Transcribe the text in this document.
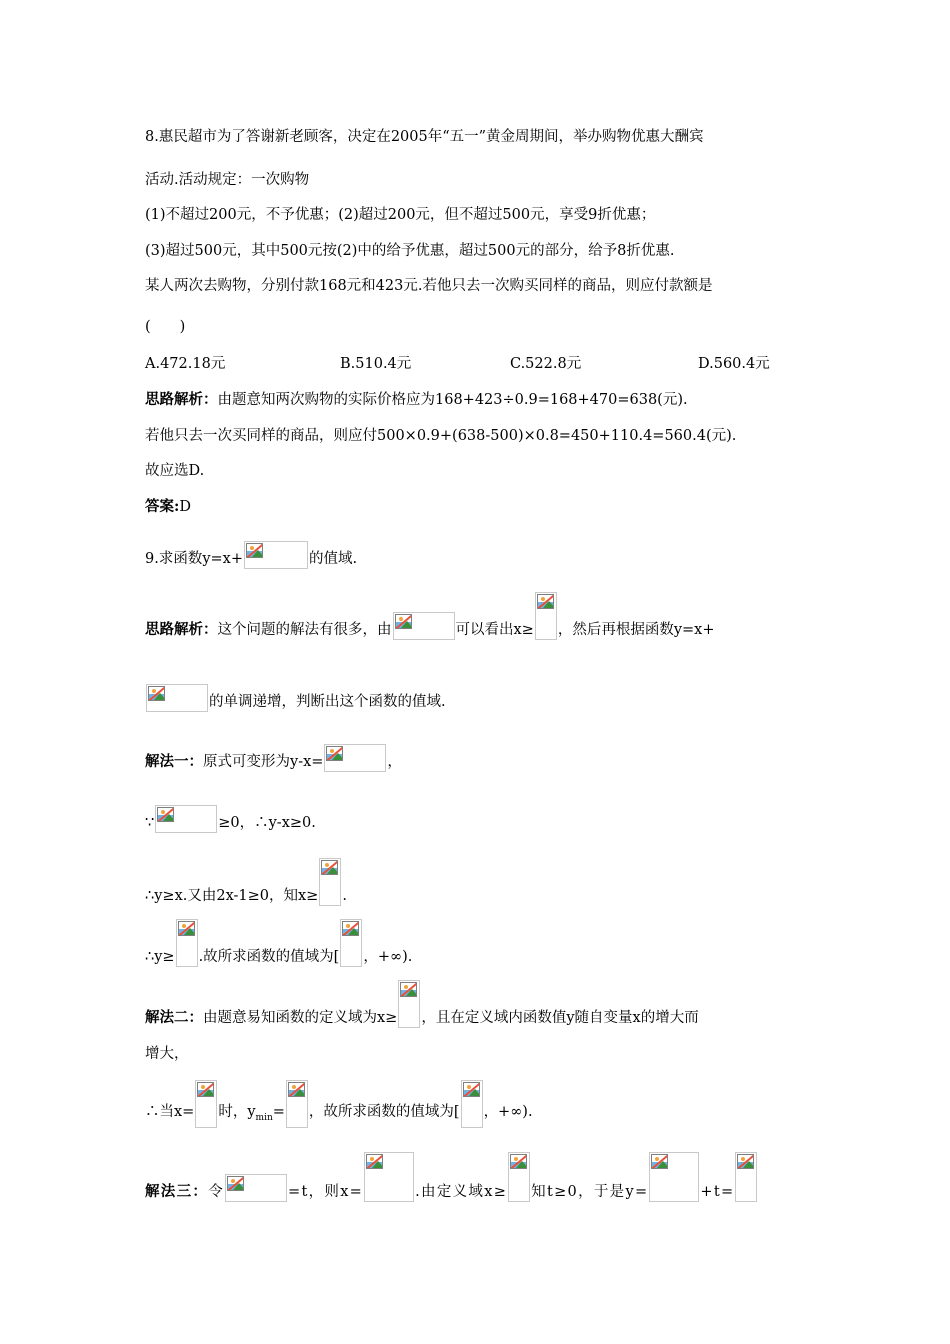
8.惠民超市为了答谢新老顾客，决定在2005年“五一”黄金周期间，举办购物优惠大酬宾
活动.活动规定：一次购物
(1)不超过200元，不予优惠；(2)超过200元，但不超过500元，享受9折优惠；
(3)超过500元，其中500元按(2)中的给予优惠，超过500元的部分，给予8折优惠.
某人两次去购物，分别付款168元和423元.若他只去一次购买同样的商品，则应付款额是
(　　)
A.472.18元	B.510.4元	C.522.8元	D.560.4元
思路解析：由题意知两次购物的实际价格应为168+423÷0.9=168+470=638(元).
若他只去一次买同样的商品，则应付500×0.9+(638-500)×0.8=450+110.4=560.4(元).
故应选D.
答案:D
9.求函数y=x+	的值域.
思路解析：这个问题的解法有很多，由	可以看出x≥ ，然后再根据函数y=x+
的单调递增，判断出这个函数的值域.
解法一：原式可变形为y-x=	，
∵	≥0，∴y-x≥0.
∴y≥x.又由2x-1≥0，知x≥ .
∴y≥ .故所求函数的值域为[ ，+∞).
解法二：由题意易知函数的定义域为x≥ ，且在定义域内函数值y随自变量x的增大而
增大，
∴当x= 时，$y_{min}=$ ，故所求函数的值域为[ ，+∞).
解法三：令	=t，则x=	.由定义域x≥ 知t≥0，于是y=	+t=
